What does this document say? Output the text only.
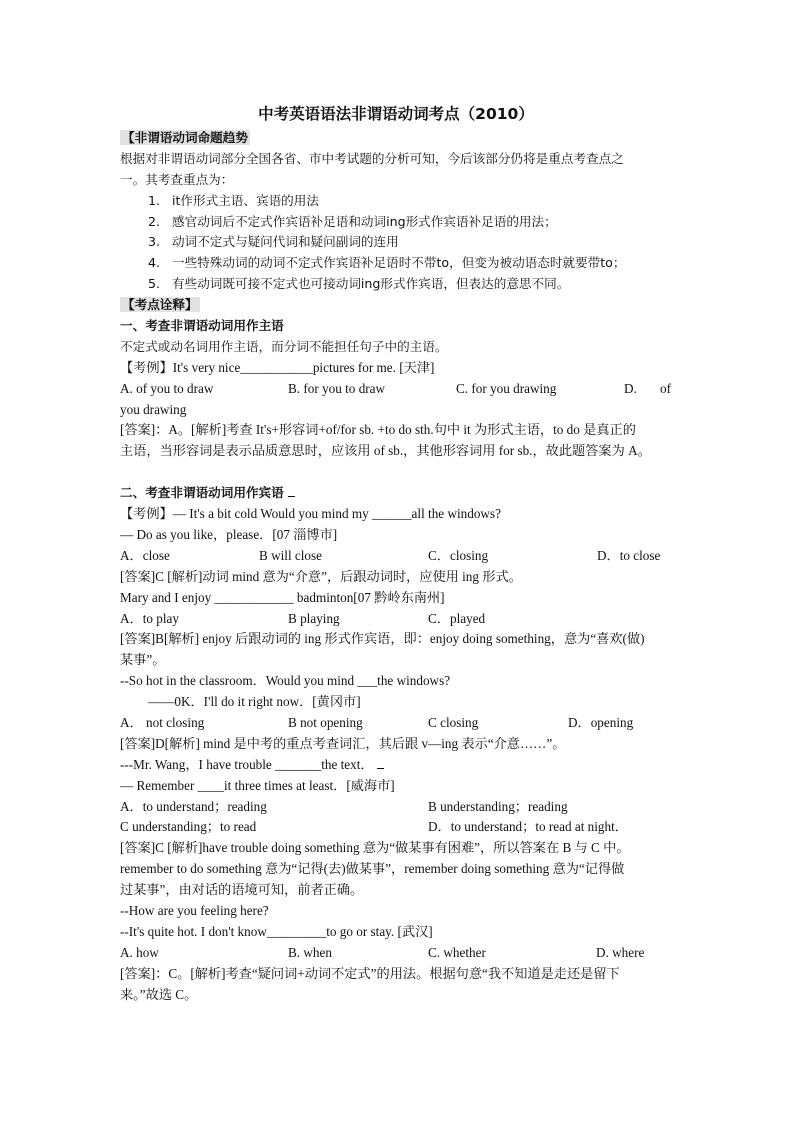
中考英语语法非谓语动词考点（2010）
【非谓语动词命题趋势
根据对非谓语动词部分全国各省、市中考试题的分析可知，今后该部分仍将是重点考查点之
一。其考查重点为：
1. it作形式主语、宾语的用法
2. 感官动词后不定式作宾语补足语和动词ing形式作宾语补足语的用法；
3. 动词不定式与疑问代词和疑问副词的连用
4. 一些特殊动词的动词不定式作宾语补足语时不带to，但变为被动语态时就要带to；
5. 有些动词既可接不定式也可接动词ing形式作宾语，但表达的意思不同。
【考点诠释】
一、考查非谓语动词用作主语
不定式或动名词用作主语，而分词不能担任句子中的主语。
【考例】It's very nice___________pictures for me. [天津]
A. of you to draw	B. for you to draw	C. for you drawing	D.	of
you drawing
[答案]：A。[解析]考查 It's+形容词+of/for sb. +to do sth.句中 it 为形式主语，to do 是真正的
主语，当形容词是表示品质意思时，应该用 of sb.，其他形容词用 for sb.，故此题答案为 A。
二、考查非谓语动词用作宾语
【考例】— It's a bit cold Would you mind my ______all the windows?
— Do as you like，please．[07 淄博市]
A．close	B will close	C．closing	D．to close
[答案]C [解析]动词 mind 意为“介意”，后跟动词时，应使用 ing 形式。
Mary and I enjoy ____________ badminton[07 黔岭东南州]
A．to play	B playing	C．played
[答案]B[解析] enjoy 后跟动词的 ing 形式作宾语，即：enjoy doing something，意为“喜欢(做)
某事”。
--So hot in the classroom．Would you mind ___the windows?
——0K．I'll do it right now．[黄冈市]
A． not closing	B not opening	C closing	D．opening
[答案]D[解析] mind 是中考的重点考查词汇，其后跟 v—ing 表示“介意……”。
---Mr. Wang，I have trouble _______the text．
— Remember ____it three times at least．[威海市]
A．to understand；reading	B understanding；reading
C understanding；to read	D．to understand；to read at night．
[答案]C [解析]have trouble doing something 意为“做某事有困难”，所以答案在 B 与 C 中。
remember to do something 意为“记得(去)做某事”，remember doing something 意为“记得做
过某事”，由对话的语境可知，前者正确。
--How are you feeling here?
--It's quite hot. I don't know_________to go or stay. [武汉]
A. how	B. when	C. whether	D. where
[答案]：C。[解析]考查“疑问词+动词不定式”的用法。根据句意“我不知道是走还是留下
来。”故选 C。
